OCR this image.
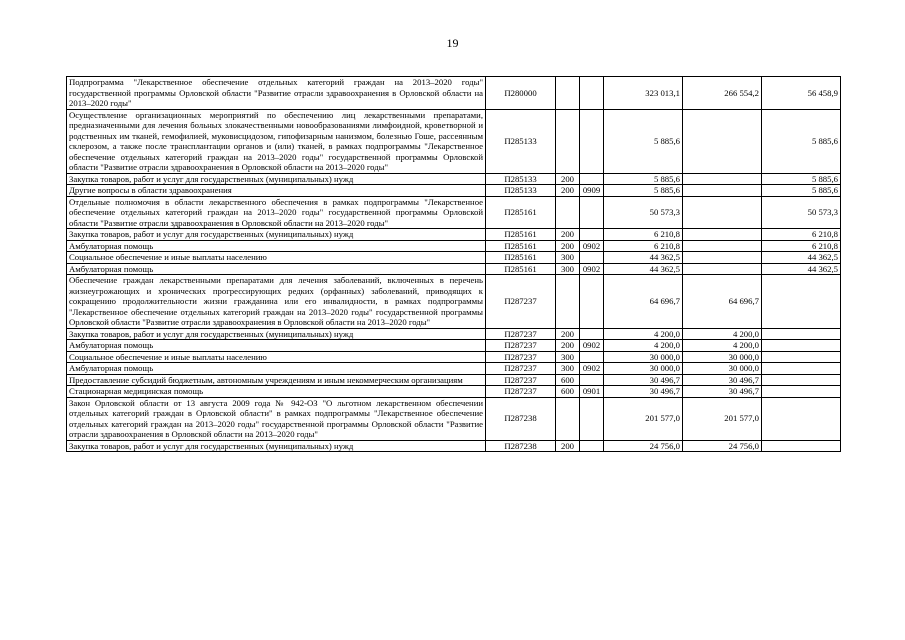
19
Подпрограмма "Лекарственное обеспечение отдельных категорий граждан на 2013–2020 годы" государственной программы Орловской области "Развитие отрасли здравоохранения в Орловской области на 2013–2020 годы"	П280000			323 013,1	266 554,2	56 458,9
Осуществление организационных мероприятий по обеспечению лиц лекарственными препаратами, предназначенными для лечения больных злокачественными новообразованиями лимфоидной, кроветворной и родственных им тканей, гемофилией, муковисцидозом, гипофизарным нанизмом, болезнью Гоше, рассеянным склерозом, а также после трансплантации органов и (или) тканей, в рамках подпрограммы "Лекарственное обеспечение отдельных категорий граждан на 2013–2020 годы" государственной программы Орловской области "Развитие отрасли здравоохранения в Орловской области на 2013–2020 годы"	П285133			5 885,6		5 885,6
Закупка товаров, работ и услуг для государственных (муниципальных) нужд	П285133	200		5 885,6		5 885,6
Другие вопросы в области здравоохранения	П285133	200	0909	5 885,6		5 885,6
Отдельные полномочия в области лекарственного обеспечения в рамках подпрограммы "Лекарственное обеспечение отдельных категорий граждан на 2013–2020 годы" государственной программы Орловской области "Развитие отрасли здравоохранения в Орловской области на 2013–2020 годы"	П285161			50 573,3		50 573,3
Закупка товаров, работ и услуг для государственных (муниципальных) нужд	П285161	200		6 210,8		6 210,8
Амбулаторная помощь	П285161	200	0902	6 210,8		6 210,8
Социальное обеспечение и иные выплаты населению	П285161	300		44 362,5		44 362,5
Амбулаторная помощь	П285161	300	0902	44 362,5		44 362,5
Обеспечение граждан лекарственными препаратами для лечения заболеваний, включенных в перечень жизнеугрожающих и хронических прогрессирующих редких (орфанных) заболеваний, приводящих к сокращению продолжительности жизни гражданина или его инвалидности, в рамках подпрограммы "Лекарственное обеспечение отдельных категорий граждан на 2013–2020 годы" государственной программы Орловской области "Развитие отрасли здравоохранения в Орловской области на 2013–2020 годы"	П287237			64 696,7	64 696,7	
Закупка товаров, работ и услуг для государственных (муниципальных) нужд	П287237	200		4 200,0	4 200,0	
Амбулаторная помощь	П287237	200	0902	4 200,0	4 200,0	
Социальное обеспечение и иные выплаты населению	П287237	300		30 000,0	30 000,0	
Амбулаторная помощь	П287237	300	0902	30 000,0	30 000,0	
Предоставление субсидий бюджетным, автономным учреждениям и иным некоммерческим организациям	П287237	600		30 496,7	30 496,7	
Стационарная медицинская помощь	П287237	600	0901	30 496,7	30 496,7	
Закон Орловской области от 13 августа 2009 года № 942-ОЗ "О льготном лекарственном обеспечении отдельных категорий граждан в Орловской области" в рамках подпрограммы "Лекарственное обеспечение отдельных категорий граждан на 2013–2020 годы" государственной программы Орловской области "Развитие отрасли здравоохранения в Орловской области на 2013–2020 годы"	П287238			201 577,0	201 577,0	
Закупка товаров, работ и услуг для государственных (муниципальных) нужд	П287238	200		24 756,0	24 756,0	
